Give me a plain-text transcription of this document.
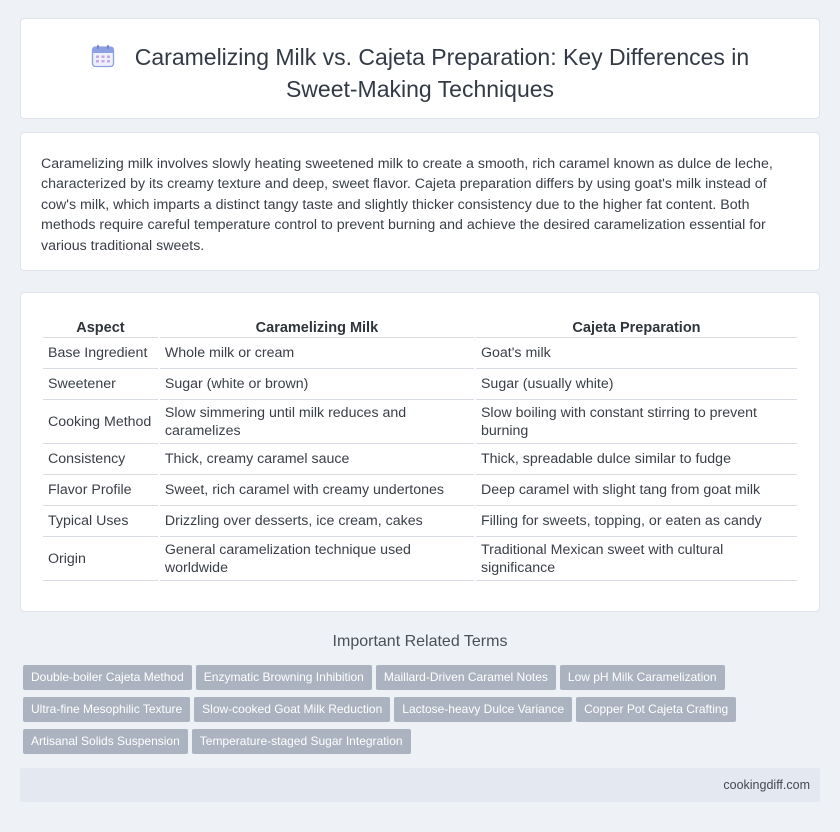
Caramelizing Milk vs. Cajeta Preparation: Key Differences in
Sweet-Making Techniques

Caramelizing milk involves slowly heating sweetened milk to create a smooth, rich caramel known as dulce de leche, characterized by its creamy texture and deep, sweet flavor. Cajeta preparation differs by using goat's milk instead of cow's milk, which imparts a distinct tangy taste and slightly thicker consistency due to the higher fat content. Both methods require careful temperature control to prevent burning and achieve the desired caramelization essential for various traditional sweets.

Aspect	Caramelizing Milk	Cajeta Preparation
Base Ingredient	Whole milk or cream	Goat's milk
Sweetener	Sugar (white or brown)	Sugar (usually white)
Cooking Method	Slow simmering until milk reduces and caramelizes	Slow boiling with constant stirring to prevent burning
Consistency	Thick, creamy caramel sauce	Thick, spreadable dulce similar to fudge
Flavor Profile	Sweet, rich caramel with creamy undertones	Deep caramel with slight tang from goat milk
Typical Uses	Drizzling over desserts, ice cream, cakes	Filling for sweets, topping, or eaten as candy
Origin	General caramelization technique used worldwide	Traditional Mexican sweet with cultural significance
Important Related Terms
Double-boiler Cajeta Method Enzymatic Browning Inhibition Maillard-Driven Caramel Notes Low pH Milk Caramelization Ultra-fine Mesophilic Texture Slow-cooked Goat Milk Reduction Lactose-heavy Dulce Variance Copper Pot Cajeta Crafting Artisanal Solids Suspension Temperature-staged Sugar Integration
cookingdiff.com
